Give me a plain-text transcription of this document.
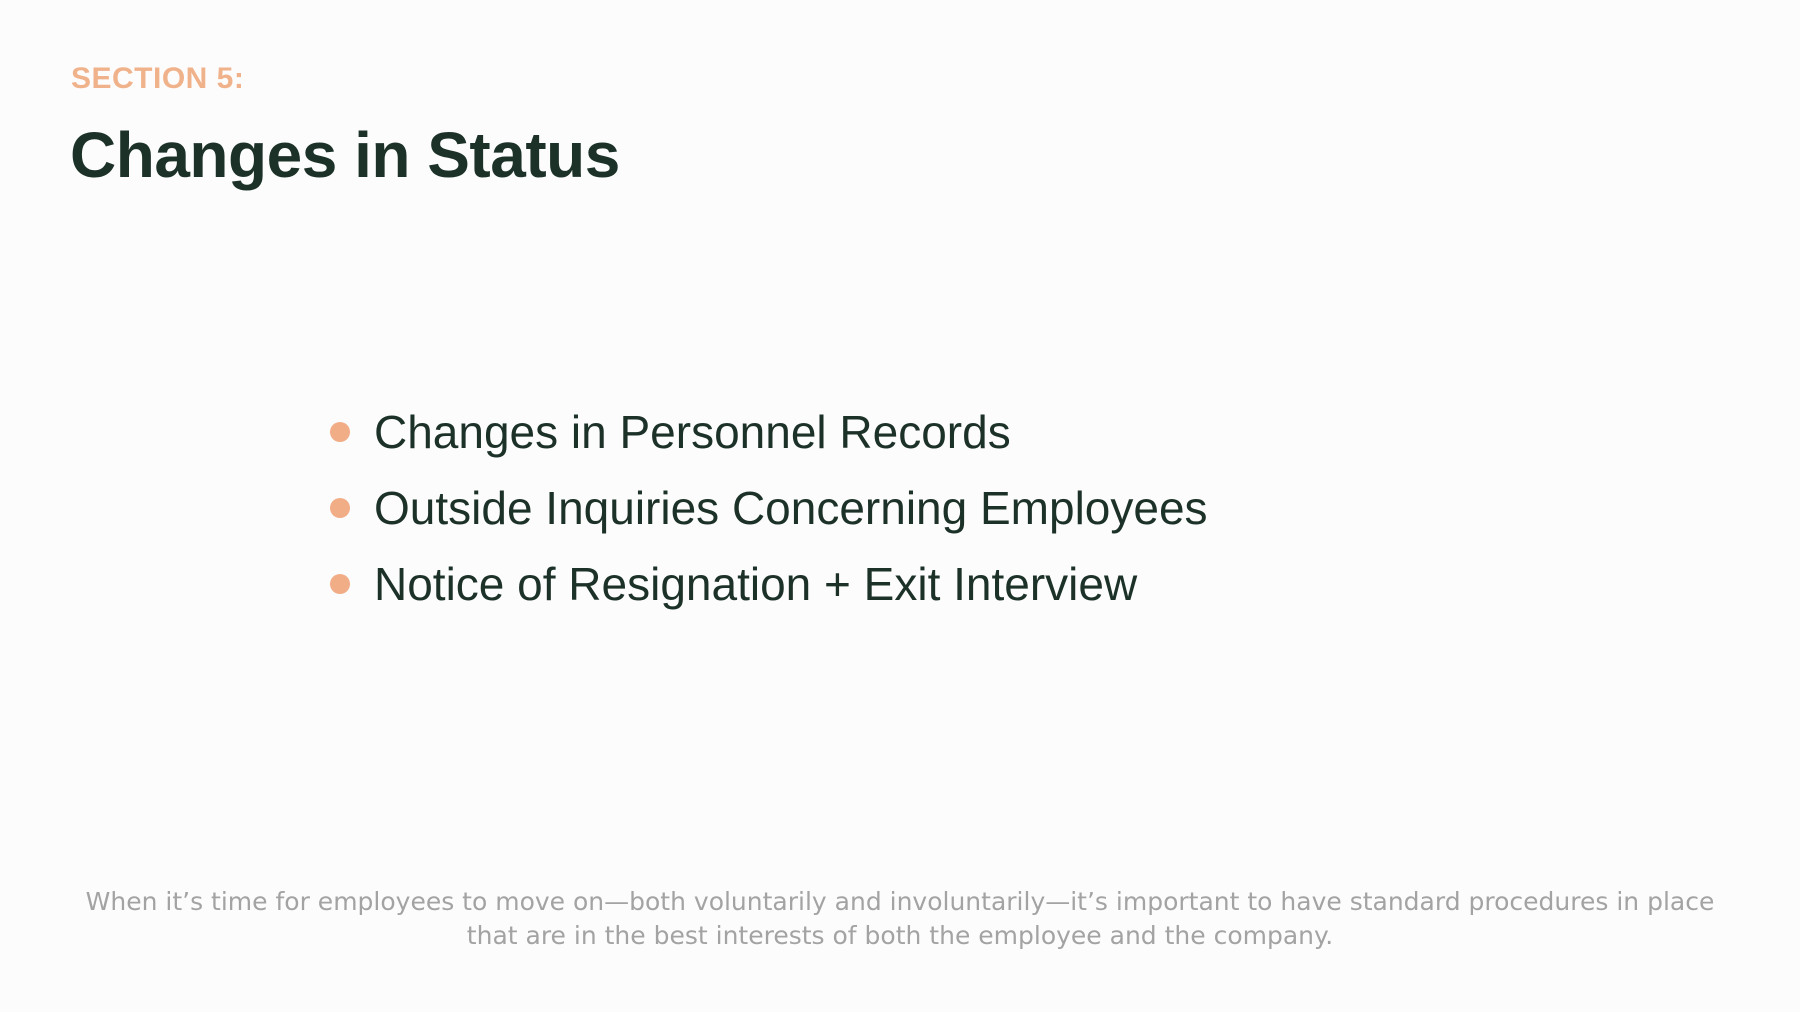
SECTION 5:
Changes in Status
Changes in Personnel Records
Outside Inquiries Concerning Employees
Notice of Resignation + Exit Interview

When it’s time for employees to move on—both voluntarily and involuntarily—it’s important to have standard procedures in place that are in the best interests of both the employee and the company.
